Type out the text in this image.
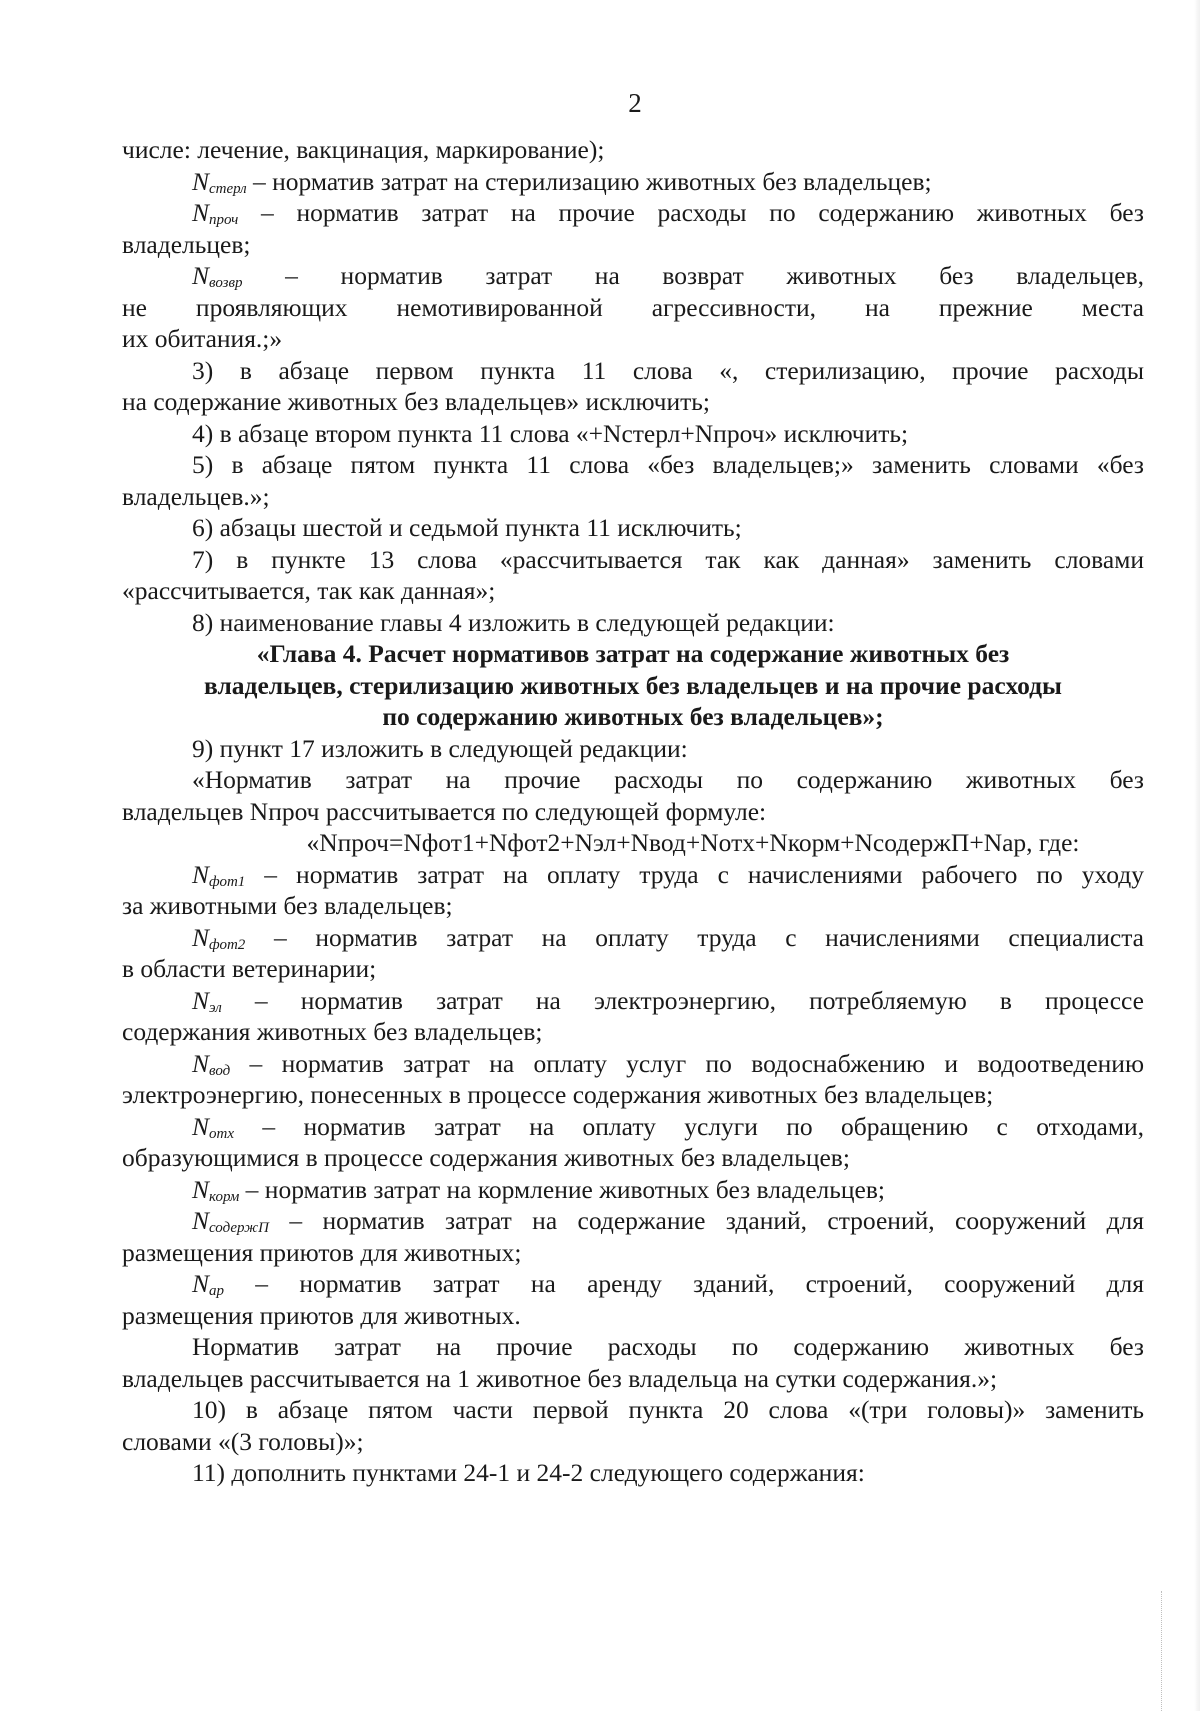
2
числе: лечение, вакцинация, маркирование);
$N_{стерл}$ – норматив затрат на стерилизацию животных без владельцев;
$N_{проч}$ – норматив затрат на прочие расходы по содержанию животных без
владельцев;
$N_{возвр}$ – норматив затрат на возврат животных без владельцев,
не проявляющих немотивированной агрессивности, на прежние места
их обитания.;»
3) в абзаце первом пункта 11 слова «, стерилизацию, прочие расходы
на содержание животных без владельцев» исключить;
4) в абзаце втором пункта 11 слова «+Nстерл+Nпроч» исключить;
5) в абзаце пятом пункта 11 слова «без владельцев;» заменить словами «без
владельцев.»;
6) абзацы шестой и седьмой пункта 11 исключить;
7) в пункте 13 слова «рассчитывается так как данная» заменить словами
«рассчитывается, так как данная»;
8) наименование главы 4 изложить в следующей редакции:
«Глава 4. Расчет нормативов затрат на содержание животных без
владельцев, стерилизацию животных без владельцев и на прочие расходы
по содержанию животных без владельцев»;
9) пункт 17 изложить в следующей редакции:
«Норматив затрат на прочие расходы по содержанию животных без
владельцев Nпроч рассчитывается по следующей формуле:
«Nпроч=Nфот1+Nфот2+Nэл+Nвод+Nотх+Nкорм+NсодержП+Nар, где:
$N_{фот1}$ – норматив затрат на оплату труда с начислениями рабочего по уходу
за животными без владельцев;
$N_{фот2}$ – норматив затрат на оплату труда с начислениями специалиста
в области ветеринарии;
$N_{эл}$ – норматив затрат на электроэнергию, потребляемую в процессе
содержания животных без владельцев;
$N_{вод}$ – норматив затрат на оплату услуг по водоснабжению и водоотведению
электроэнергию, понесенных в процессе содержания животных без владельцев;
$N_{отх}$ – норматив затрат на оплату услуги по обращению с отходами,
образующимися в процессе содержания животных без владельцев;
$N_{корм}$ – норматив затрат на кормление животных без владельцев;
$N_{содержП}$ – норматив затрат на содержание зданий, строений, сооружений для
размещения приютов для животных;
$N_{ар}$ – норматив затрат на аренду зданий, строений, сооружений для
размещения приютов для животных.
Норматив затрат на прочие расходы по содержанию животных без
владельцев рассчитывается на 1 животное без владельца на сутки содержания.»;
10) в абзаце пятом части первой пункта 20 слова «(три головы)» заменить
словами «(3 головы)»;
11) дополнить пунктами 24-1 и 24-2 следующего содержания:
